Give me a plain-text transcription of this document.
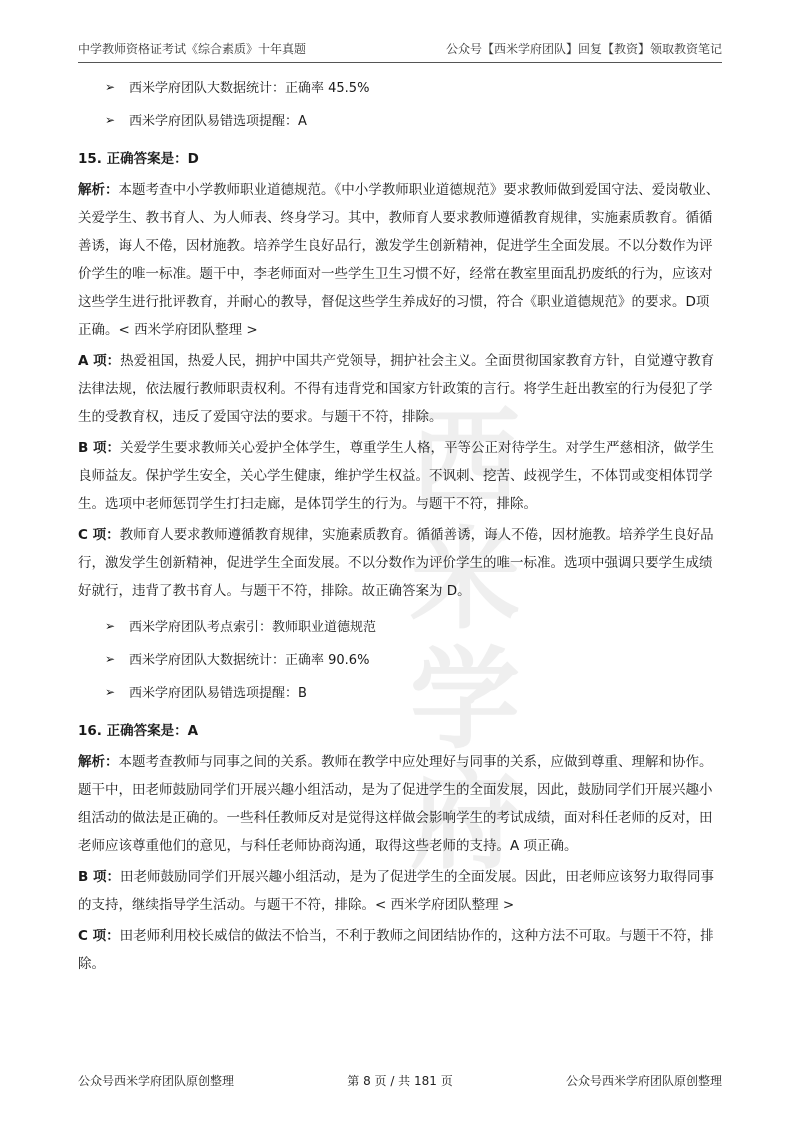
中学教师资格证考试《综合素质》十年真题	公众号【西米学府团队】回复【教资】领取教资笔记
西米学府
➢	西米学府团队大数据统计：正确率 45.5%
➢	西米学府团队易错选项提醒：A
15. 正确答案是：D

解析：本题考查中小学教师职业道德规范。《中小学教师职业道德规范》要求教师做到爱国守法、爱岗敬业、关爱学生、教书育人、为人师表、终身学习。其中，教师育人要求教师遵循教育规律，实施素质教育。循循善诱，诲人不倦，因材施教。培养学生良好品行，激发学生创新精神，促进学生全面发展。不以分数作为评价学生的唯一标准。题干中，李老师面对一些学生卫生习惯不好，经常在教室里面乱扔废纸的行为，应该对这些学生进行批评教育，并耐心的教导，督促这些学生养成好的习惯，符合《职业道德规范》的要求。D项正确。< 西米学府团队整理 >

A 项：热爱祖国，热爱人民，拥护中国共产党领导，拥护社会主义。全面贯彻国家教育方针，自觉遵守教育法律法规，依法履行教师职责权利。不得有违背党和国家方针政策的言行。将学生赶出教室的行为侵犯了学生的受教育权，违反了爱国守法的要求。与题干不符，排除。

B 项：关爱学生要求教师关心爱护全体学生，尊重学生人格，平等公正对待学生。对学生严慈相济，做学生良师益友。保护学生安全，关心学生健康，维护学生权益。不讽刺、挖苦、歧视学生，不体罚或变相体罚学生。选项中老师惩罚学生打扫走廊，是体罚学生的行为。与题干不符，排除。

C 项：教师育人要求教师遵循教育规律，实施素质教育。循循善诱，诲人不倦，因材施教。培养学生良好品行，激发学生创新精神，促进学生全面发展。不以分数作为评价学生的唯一标准。选项中强调只要学生成绩好就行，违背了教书育人。与题干不符，排除。故正确答案为 D。

➢	西米学府团队考点索引：教师职业道德规范
➢	西米学府团队大数据统计：正确率 90.6%
➢	西米学府团队易错选项提醒：B
16. 正确答案是：A

解析：本题考查教师与同事之间的关系。教师在教学中应处理好与同事的关系，应做到尊重、理解和协作。题干中，田老师鼓励同学们开展兴趣小组活动，是为了促进学生的全面发展，因此，鼓励同学们开展兴趣小组活动的做法是正确的。一些科任教师反对是觉得这样做会影响学生的考试成绩，面对科任老师的反对，田老师应该尊重他们的意见，与科任老师协商沟通，取得这些老师的支持。A 项正确。

B 项：田老师鼓励同学们开展兴趣小组活动，是为了促进学生的全面发展。因此，田老师应该努力取得同事的支持，继续指导学生活动。与题干不符，排除。< 西米学府团队整理 >

C 项：田老师利用校长威信的做法不恰当，不利于教师之间团结协作的，这种方法不可取。与题干不符，排除。

公众号西米学府团队原创整理	第 8 页 / 共 181 页	公众号西米学府团队原创整理
